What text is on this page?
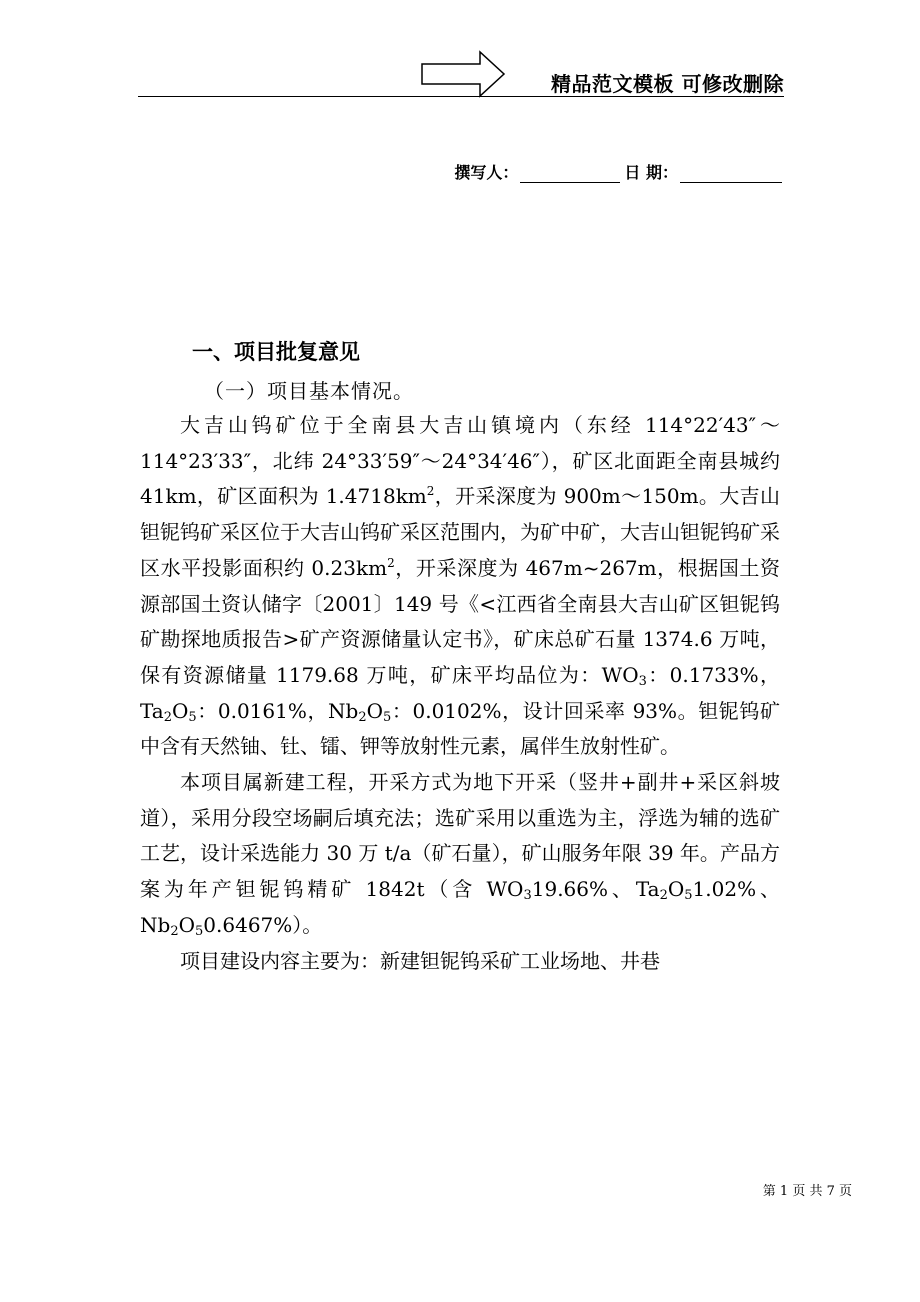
精品范文模板 可修改删除
撰写人：	日 期：
一、项目批复意见
（一）项目基本情况。

大吉山钨矿位于全南县大吉山镇境内（东经 114°22′43″～114°23′33″，北纬 24°33′59″～24°34′46″），矿区北面距全南县城约 41km，矿区面积为 $1.4718km^2$，开采深度为 900m～150m。大吉山钽铌钨矿采区位于大吉山钨矿采区范围内，为矿中矿，大吉山钽铌钨矿采区水平投影面积约 $0.23km^2$，开采深度为 467m~267m，根据国土资源部国土资认储字〔2001〕149 号《<江西省全南县大吉山矿区钽铌钨矿勘探地质报告>矿产资源储量认定书》，矿床总矿石量 1374.6 万吨，保有资源储量 1179.68 万吨，矿床平均品位为：$WO_3$：0.1733%，$Ta_2O_5$：0.0161%，$Nb_2O_5$：0.0102%，设计回采率 93%。钽铌钨矿中含有天然铀、钍、镭、钾等放射性元素，属伴生放射性矿。

本项目属新建工程，开采方式为地下开采（竖井+副井+采区斜坡道），采用分段空场嗣后填充法；选矿采用以重选为主，浮选为辅的选矿工艺，设计采选能力 30 万 t/a（矿石量），矿山服务年限 39 年。产品方案为年产钽铌钨精矿 1842t（含 $WO_319.66\%$、$Ta_2O_51.02\%$、$Nb_2O_50.6467\%$）。

项目建设内容主要为：新建钽铌钨采矿工业场地、井巷

第 1 页 共 7 页
